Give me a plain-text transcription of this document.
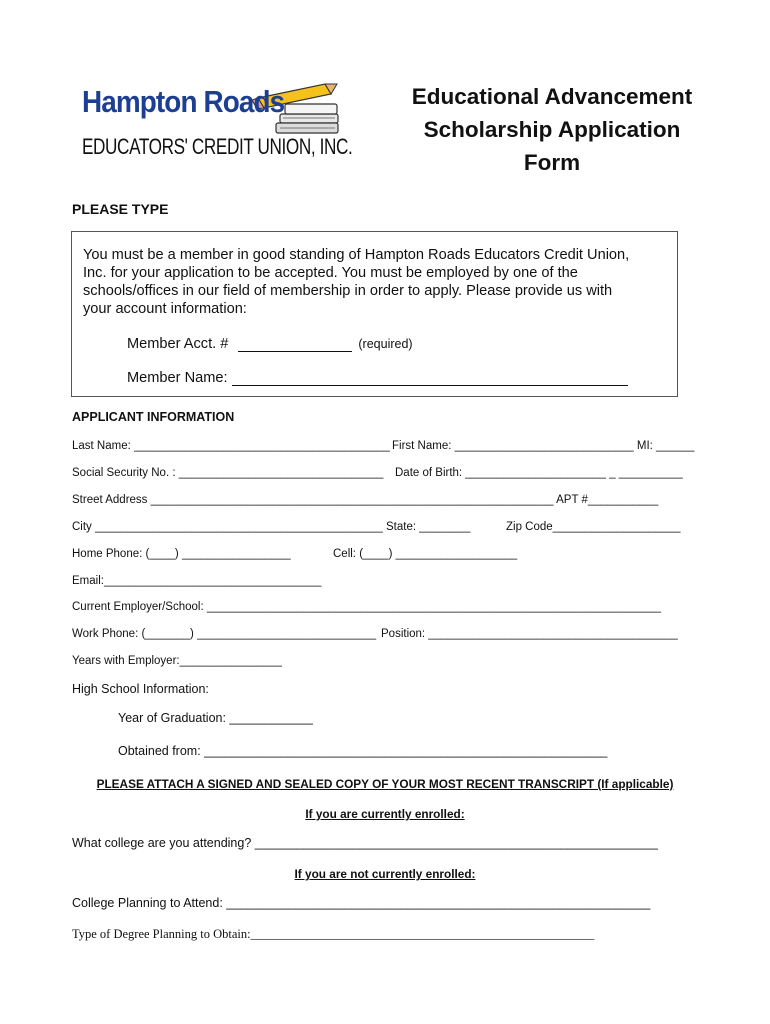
Hampton Roads
EDUCATORS' CREDIT UNION, INC.
Educational Advancement
Scholarship Application
Form
PLEASE TYPE
You must be a member in good standing of Hampton Roads Educators Credit Union,
Inc. for your application to be accepted. You must be employed by one of the
schools/offices in our field of membership in order to apply. Please provide us with
your account information:
Member Acct. #	(required)
Member Name:
APPLICANT INFORMATION
Last Name: ________________________________________ First Name: ____________________________ MI: ______
Social Security No. : ________________________________ Date of Birth: ______________________ _ __________
Street Address _______________________________________________________________ APT #___________
City _____________________________________________ State: ________	Zip Code____________________
Home Phone: (____) _________________	Cell: (____) ___________________
Email:__________________________________
Current Employer/School: _______________________________________________________________________
Work Phone: (_______) ____________________________ Position: _______________________________________
Years with Employer:________________
High School Information:
Year of Graduation: ____________
Obtained from: __________________________________________________________
PLEASE ATTACH A SIGNED AND SEALED COPY OF YOUR MOST RECENT TRANSCRIPT (If applicable)
If you are currently enrolled:
What college are you attending? __________________________________________________________
If you are not currently enrolled:
College Planning to Attend: _____________________________________________________________
Type of Degree Planning to Obtain:_______________________________________________________
